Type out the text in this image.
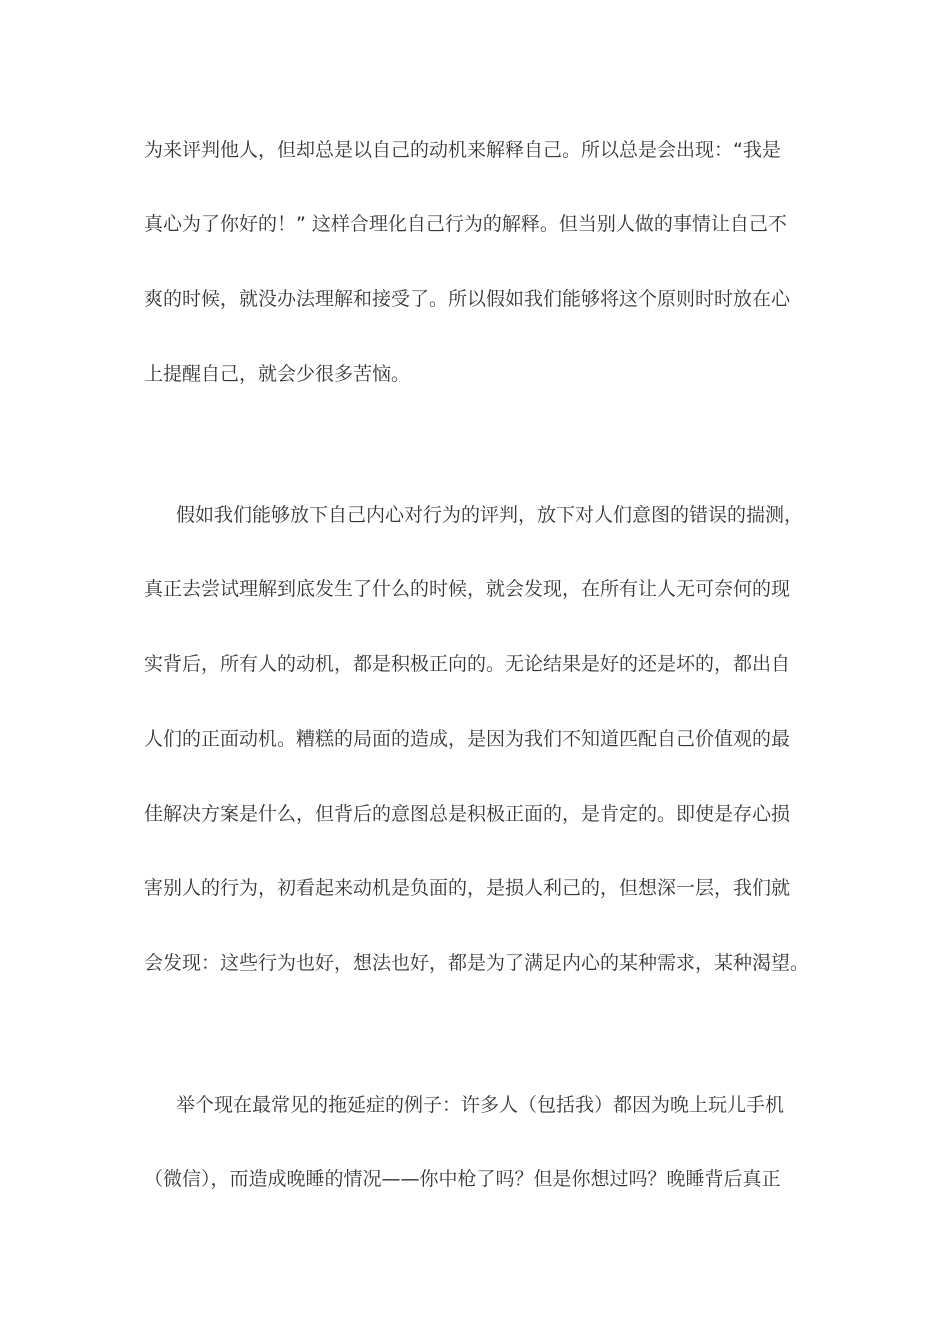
为来评判他人，但却总是以自己的动机来解释自己。所以总是会出现：“我是
真心为了你好的！” 这样合理化自己行为的解释。但当别人做的事情让自己不
爽的时候，就没办法理解和接受了。所以假如我们能够将这个原则时时放在心
上提醒自己，就会少很多苦恼。
假如我们能够放下自己内心对行为的评判，放下对人们意图的错误的揣测，
真正去尝试理解到底发生了什么的时候，就会发现，在所有让人无可奈何的现
实背后，所有人的动机，都是积极正向的。无论结果是好的还是坏的，都出自
人们的正面动机。糟糕的局面的造成，是因为我们不知道匹配自己价值观的最
佳解决方案是什么，但背后的意图总是积极正面的，是肯定的。即使是存心损
害别人的行为，初看起来动机是负面的，是损人利己的，但想深一层，我们就
会发现：这些行为也好，想法也好，都是为了满足内心的某种需求，某种渴望。
举个现在最常见的拖延症的例子：许多人（包括我）都因为晚上玩儿手机
（微信），而造成晚睡的情况——你中枪了吗？但是你想过吗？晚睡背后真正
